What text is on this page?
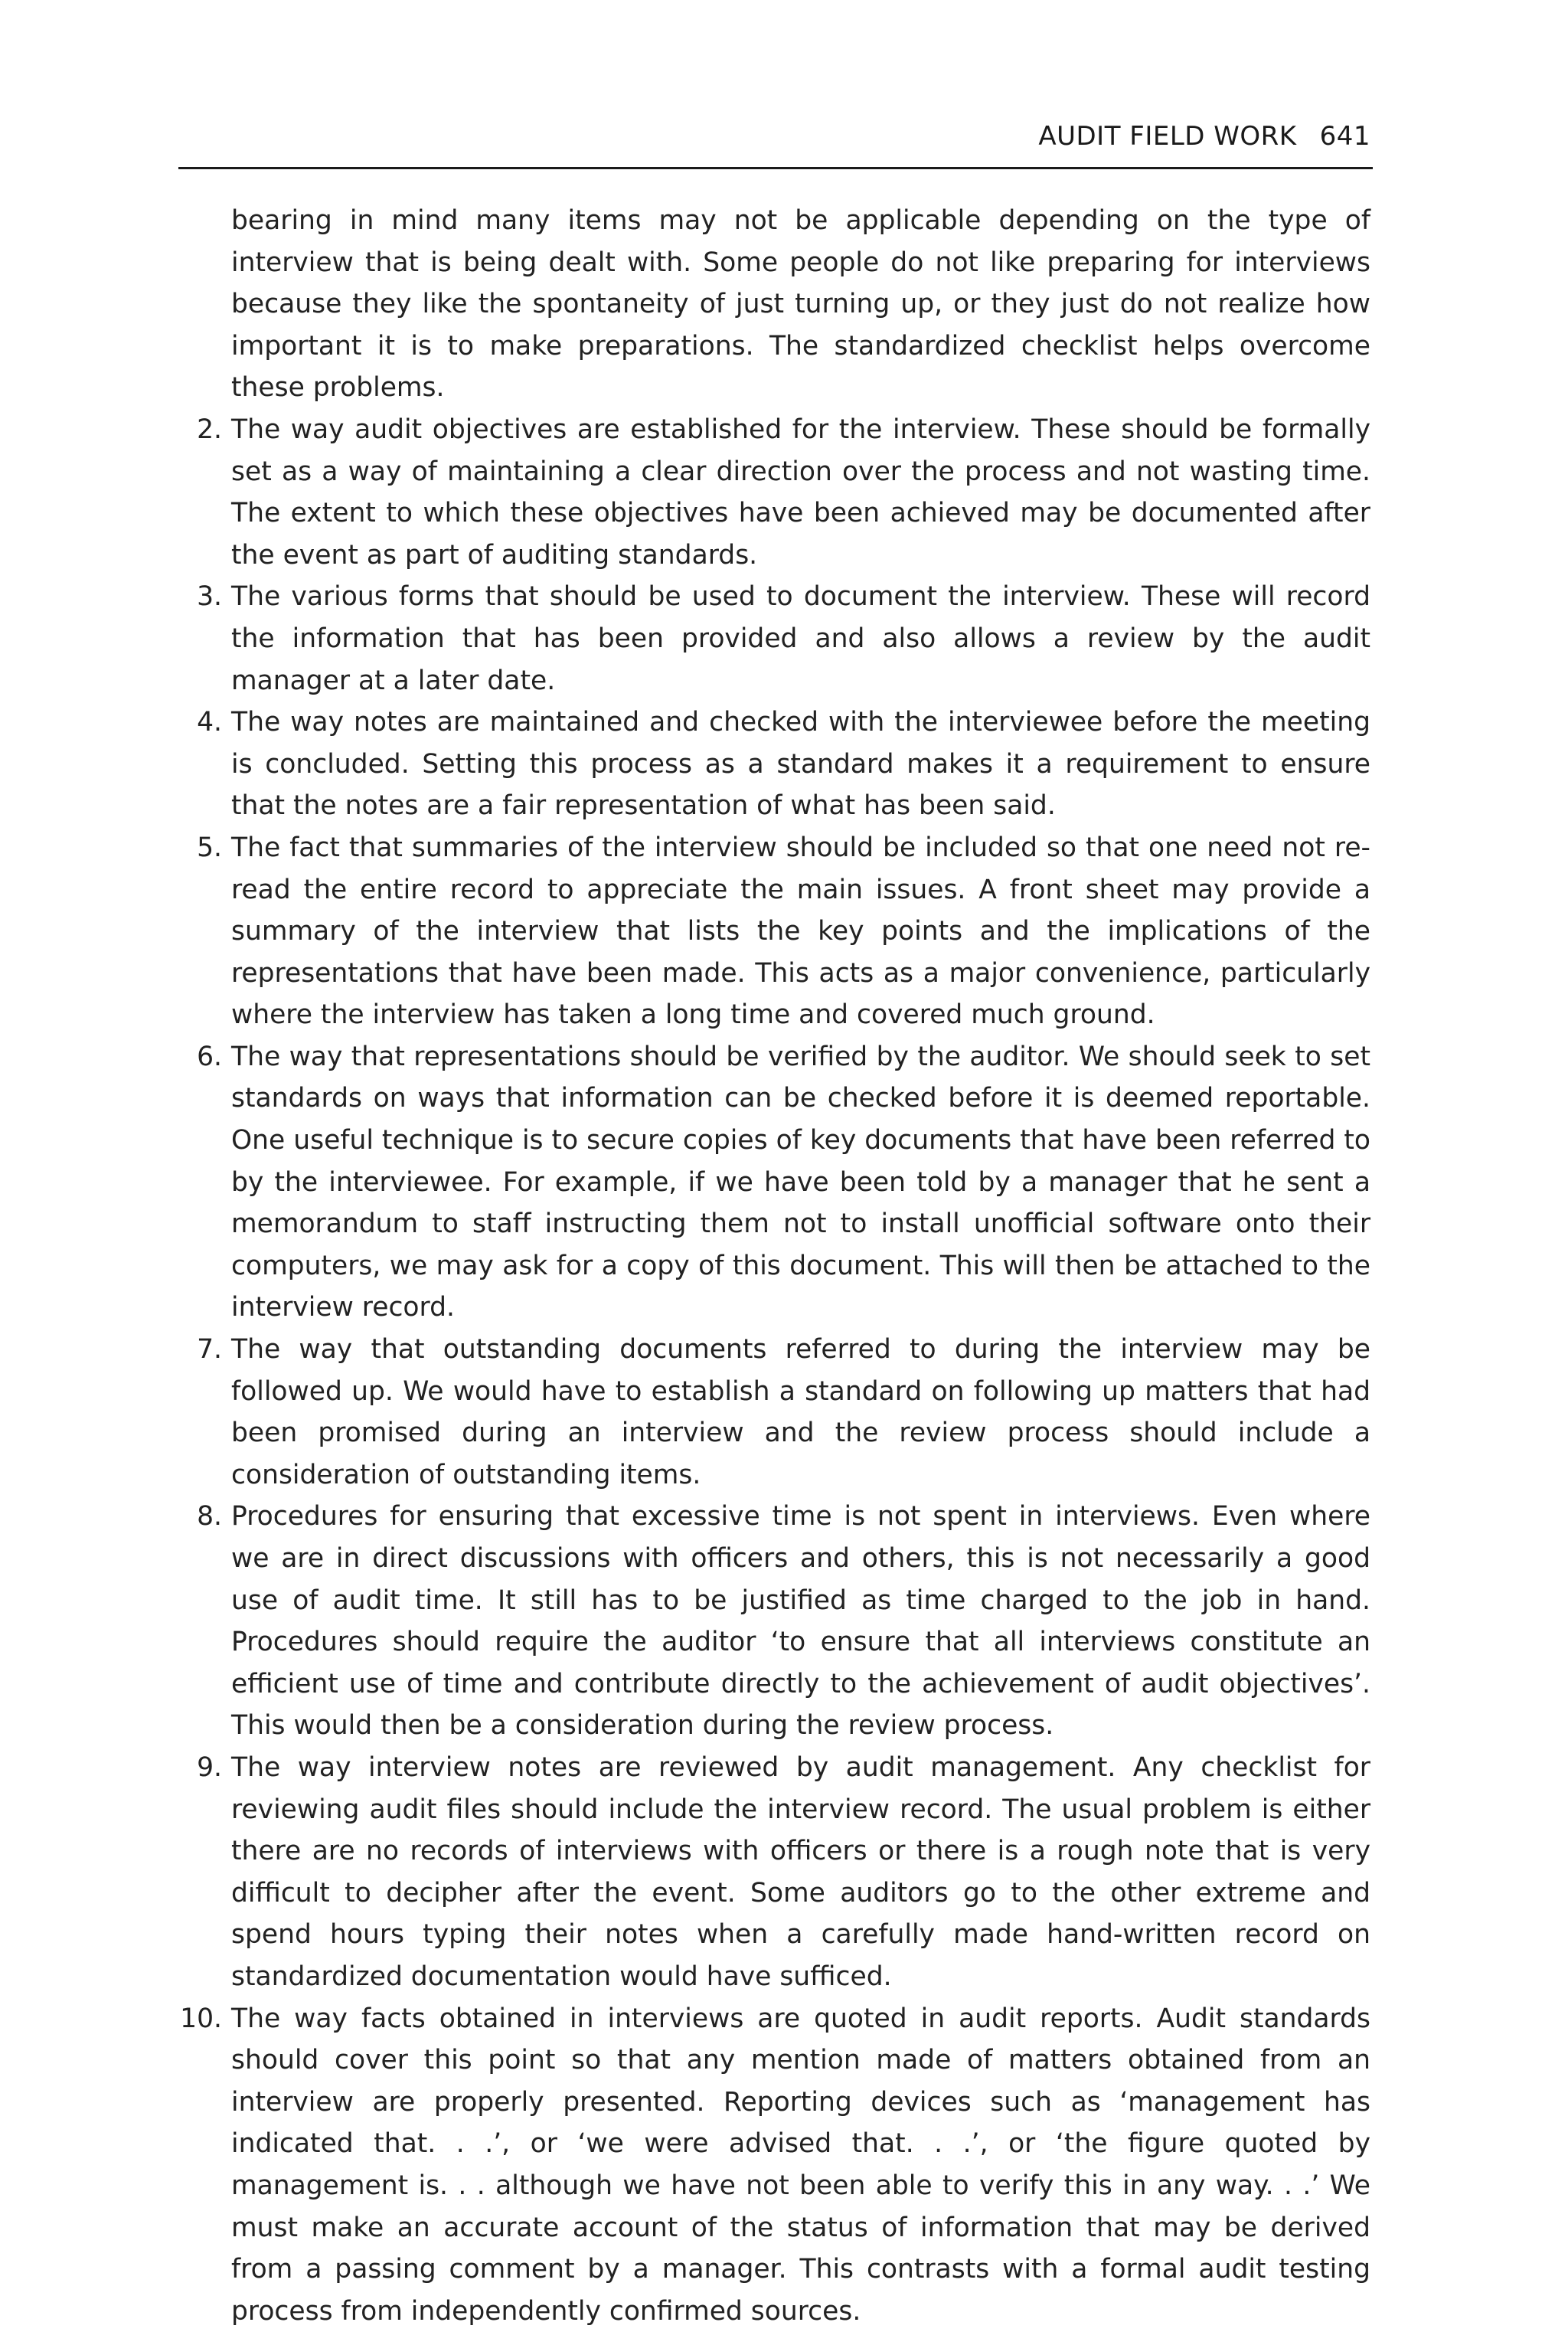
AUDIT FIELD WORK 641

bearing in mind many items may not be applicable depending on the type of interview that is being dealt with. Some people do not like preparing for interviews because they like the spontaneity of just turning up, or they just do not realize how important it is to make preparations. The standardized checklist helps overcome these problems.

2. The way audit objectives are established for the interview. These should be formally set as a way of maintaining a clear direction over the process and not wasting time. The extent to which these objectives have been achieved may be documented after the event as part of auditing standards.
3. The various forms that should be used to document the interview. These will record the information that has been provided and also allows a review by the audit manager at a later date.
4. The way notes are maintained and checked with the interviewee before the meeting is concluded. Setting this process as a standard makes it a requirement to ensure that the notes are a fair representation of what has been said.
5. The fact that summaries of the interview should be included so that one need not re-read the entire record to appreciate the main issues. A front sheet may provide a summary of the interview that lists the key points and the implications of the representations that have been made. This acts as a major convenience, particularly where the interview has taken a long time and covered much ground.
6. The way that representations should be verified by the auditor. We should seek to set standards on ways that information can be checked before it is deemed reportable. One useful technique is to secure copies of key documents that have been referred to by the interviewee. For example, if we have been told by a manager that he sent a memorandum to staff instructing them not to install unofficial software onto their computers, we may ask for a copy of this document. This will then be attached to the interview record.
7. The way that outstanding documents referred to during the interview may be followed up. We would have to establish a standard on following up matters that had been promised during an interview and the review process should include a consideration of outstanding items.
8. Procedures for ensuring that excessive time is not spent in interviews. Even where we are in direct discussions with officers and others, this is not necessarily a good use of audit time. It still has to be justified as time charged to the job in hand. Procedures should require the auditor ‘to ensure that all interviews constitute an efficient use of time and contribute directly to the achievement of audit objectives’. This would then be a consideration during the review process.
9. The way interview notes are reviewed by audit management. Any checklist for reviewing audit files should include the interview record. The usual problem is either there are no records of interviews with officers or there is a rough note that is very difficult to decipher after the event. Some auditors go to the other extreme and spend hours typing their notes when a carefully made hand-written record on standardized documentation would have sufficed.
10. The way facts obtained in interviews are quoted in audit reports. Audit standards should cover this point so that any mention made of matters obtained from an interview are properly presented. Reporting devices such as ‘management has indicated that. . .’, or ‘we were advised that. . .’, or ‘the figure quoted by management is. . . although we have not been able to verify this in any way. . .’ We must make an accurate account of the status of information that may be derived from a passing comment by a manager. This contrasts with a formal audit testing process from independently confirmed sources.
